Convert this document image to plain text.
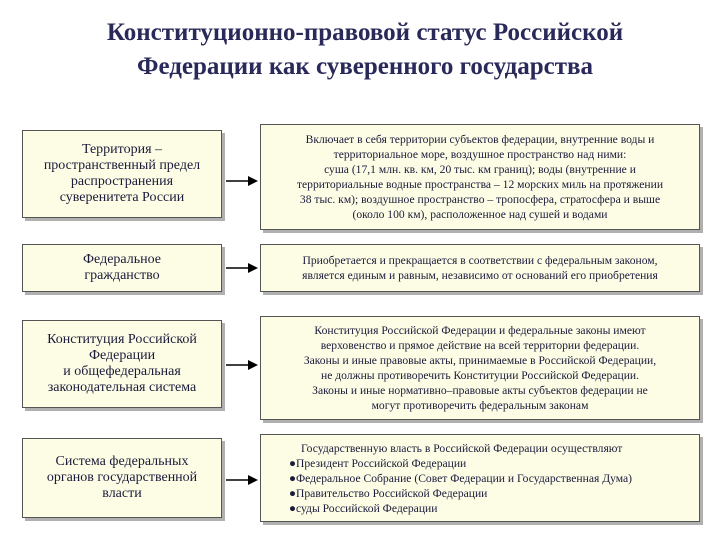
Конституционно-правовой статус Российской
Федерации как суверенного государства
Территория –
пространственный предел
распространения
суверенитета России
Включает в себя территории субъектов федерации, внутренние воды и
территориальное море, воздушное пространство над ними:
суша (17,1 млн. кв. км, 20 тыс. км границ); воды (внутренние и
территориальные водные пространства – 12 морских миль на протяжении
38 тыс. км); воздушное пространство – тропосфера, стратосфера и выше
(около 100 км), расположенное над сушей и водами
Федеральное
гражданство
Приобретается и прекращается в соответствии с федеральным законом,
является единым и равным, независимо от оснований его приобретения
Конституция Российской
Федерации
и общефедеральная
законодательная система
Конституция Российской Федерации и федеральные законы имеют
верховенство и прямое действие на всей территории федерации.
Законы и иные правовые акты, принимаемые в Российской Федерации,
не должны противоречить Конституции Российской Федерации.
Законы и иные нормативно–правовые акты субъектов федерации не
могут противоречить федеральным законам
Система федеральных
органов государственной
власти
Государственную власть в Российской Федерации осуществляют
●Президент Российской Федерации
●Федеральное Собрание (Совет Федерации и Государственная Дума)
●Правительство Российской Федерации
●суды Российской Федерации
